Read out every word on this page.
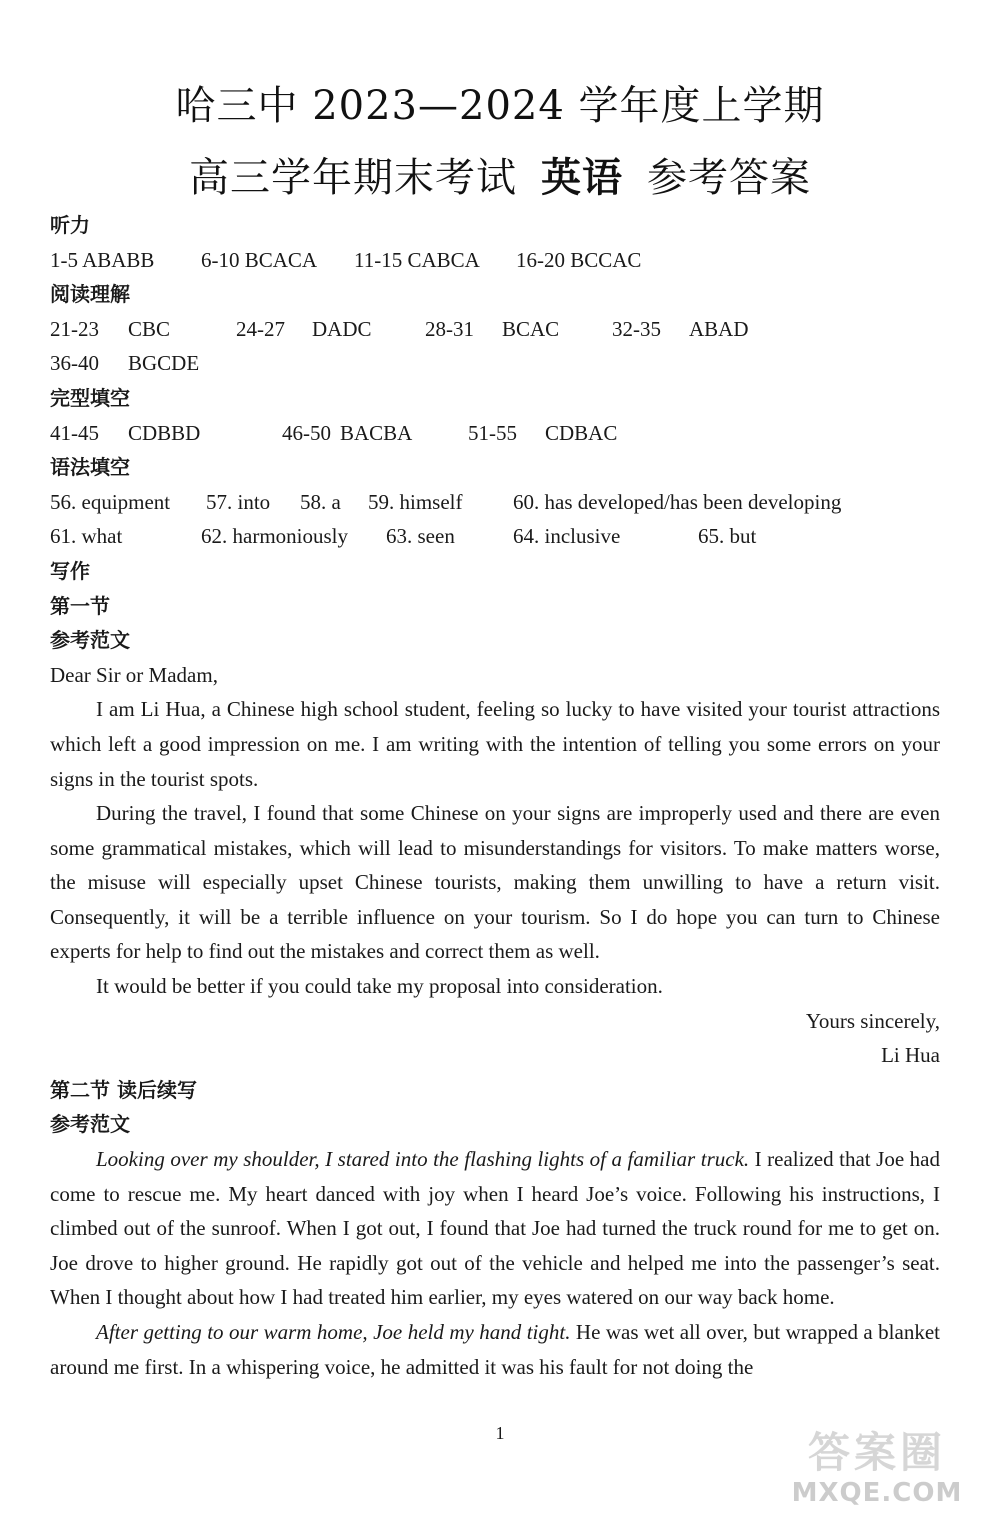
哈三中 2023—2024 学年度上学期
高三学年期末考试 英语 参考答案
听力
1-5 ABABB 6-10 BCACA 11-15 CABCA 16-20 BCCAC
阅读理解
21-23 CBC	24-27 DADC	28-31 BCAC	32-35 ABAD
36-40 BGCDE
完型填空
41-45 CDBBD	46-50 BACBA	51-55 CDBAC
语法填空
56. equipment 57. into 58. a 59. himself 60. has developed/has been developing
61. what	62. harmoniously 63. seen	64. inclusive	65. but
写作
第一节
参考范文

Dear Sir or Madam,

I am Li Hua, a Chinese high school student, feeling so lucky to have visited your tourist attractions which left a good impression on me. I am writing with the intention of telling you some errors on your signs in the tourist spots.

During the travel, I found that some Chinese on your signs are improperly used and there are even some grammatical mistakes, which will lead to misunderstandings for visitors. To make matters worse, the misuse will especially upset Chinese tourists, making them unwilling to have a return visit. Consequently, it will be a terrible influence on your tourism. So I do hope you can turn to Chinese experts for help to find out the mistakes and correct them as well.

It would be better if you could take my proposal into consideration.

Yours sincerely,

Li Hua

第二节 读后续写
参考范文

Looking over my shoulder, I stared into the flashing lights of a familiar truck. I realized that Joe had come to rescue me. My heart danced with joy when I heard Joe’s voice. Following his instructions, I climbed out of the sunroof. When I got out, I found that Joe had turned the truck round for me to get on. Joe drove to higher ground. He rapidly got out of the vehicle and helped me into the passenger’s seat. When I thought about how I had treated him earlier, my eyes watered on our way back home.

After getting to our warm home, Joe held my hand tight. He was wet all over, but wrapped a blanket around me first. In a whispering voice, he admitted it was his fault for not doing the

1	答案圈
MXQE.COM
